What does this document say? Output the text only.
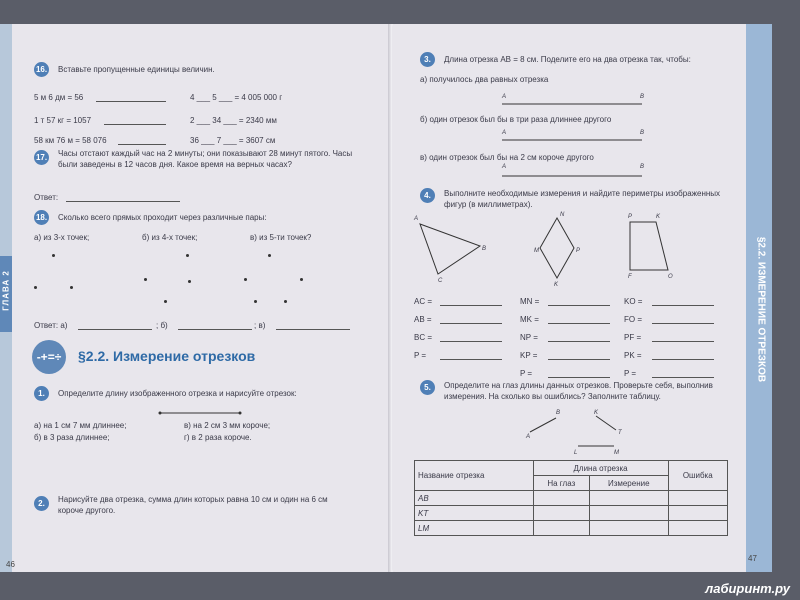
ГЛАВА 2
16. Вставьте пропущенные единицы величин.
5 м 6 дм = 56	4 ___ 5 ___ = 4 005 000 г
1 т 57 кг = 1057	2 ___ 34 ___ = 2340 мм
58 км 76 м = 58 076	36 ___ 7 ___ = 3607 см
17. Часы отстают каждый час на 2 минуты; они показывают 28 минут пятого. Часы были заведены в 12 часов дня. Какое время на верных часах?
Ответ:
18. Сколько всего прямых проходит через различные пары:
а) из 3-х точек;	б) из 4-х точек;	в) из 5-ти точек?
Ответ: а)	; б)	; в)
-+=÷	§2.2. Измерение отрезков
1.	Определите длину изображенного отрезка и нарисуйте отрезок:
а) на 1 см 7 мм длиннее;	в) на 2 см 3 мм короче;
б) в 3 раза длиннее;	г) в 2 раза короче.
2.	Нарисуйте два отрезка, сумма длин которых равна 10 см и один на 6 см короче другого.
46
§2.2. ИЗМЕРЕНИЕ ОТРЕЗКОВ
3.	Длина отрезка AB = 8 см. Поделите его на два отрезка так, чтобы:
а) получилось два равных отрезка
A	B
б) один отрезок был бы в три раза длиннее другого
A	B
в) один отрезок был бы на 2 см короче другого
A	B
4.	Выполните необходимые измерения и найдите периметры изображенных фигур (в миллиметрах).
A
B
C
M
N
P
K
P	K
F	O
AC =
AB =
BC =
P =
MN =
MK =
NP =
KP =
P =
KO =
FO =
PF =
PK =
P =
5.	Определите на глаз длины данных отрезков. Проверьте себя, выполнив измерения. На сколько вы ошиблись? Заполните таблицу.
A
B	K
T
L	M
Название отрезка	Длина отрезка		Ошибка
	На глаз	Измерение	
AB			
KT			
LM			
47
лабиринт.ру
